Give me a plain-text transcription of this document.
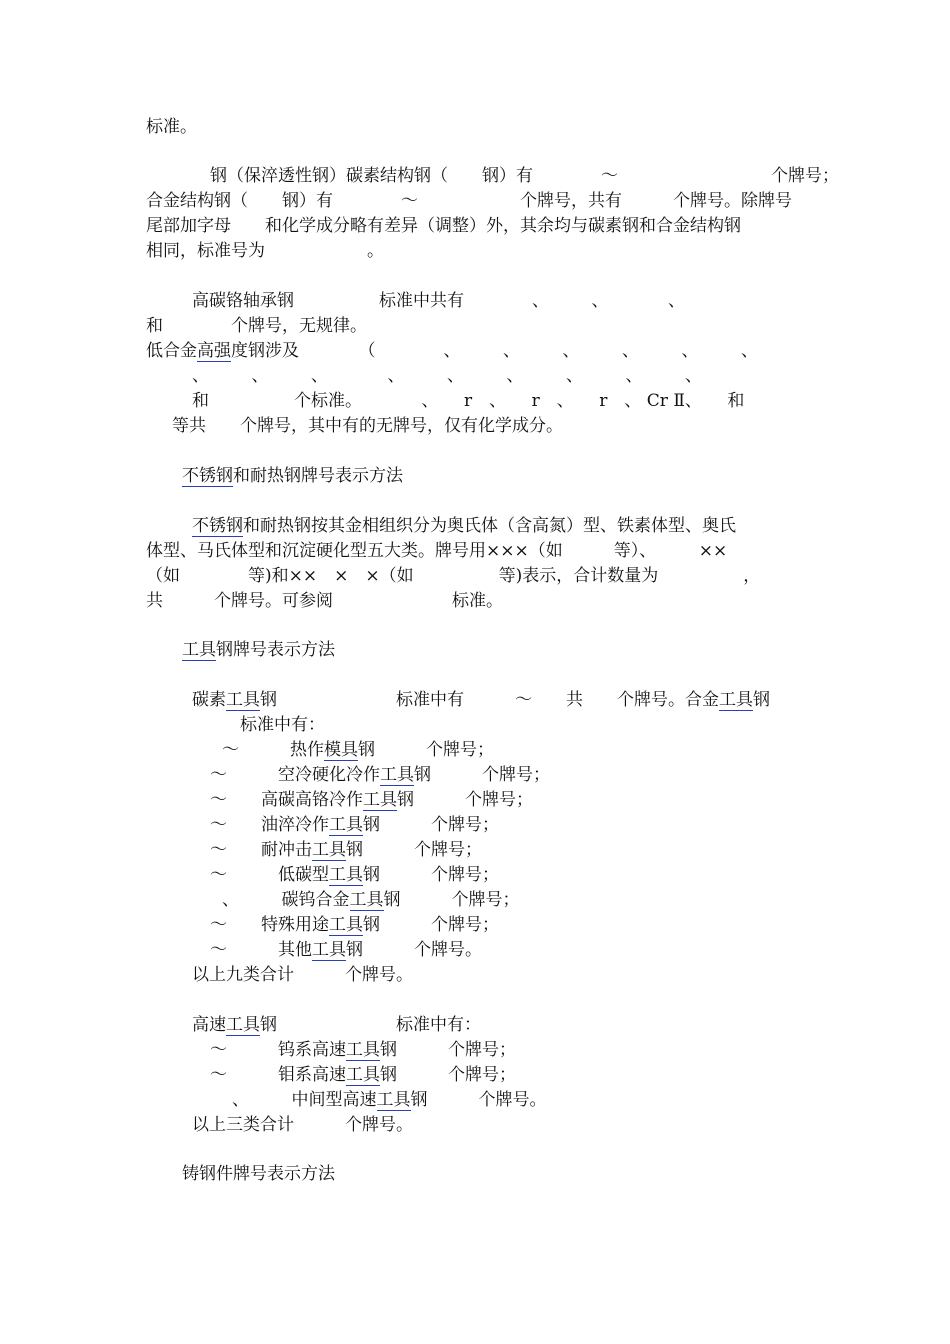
标准。
钢（保淬透性钢）碳素结构钢（　　钢）有　　　　～　　　　　　　　　个牌号；
合金结构钢（　　钢）有　　　　～　　　　　　个牌号，共有　　　个牌号。除牌号
尾部加字母　　和化学成分略有差异（调整）外，其余均与碳素钢和合金结构钢
相同，标准号为　　　　　　。
高碳铬轴承钢　　　　　标准中共有　　　　、　　　、　　　　、
和　　　　个牌号，无规律。
低合金高强度钢涉及　　　　（　　　　、　　　、　　　、　　　、　　　、　　　、
、　　　、　　　、　　　　、　　　、　　　、　　　、　　　、　　　、
和　　　　　个标准。　　　　、　　r　、　　r　、　　r　、 Cr Ⅱ、　　和
等共　　个牌号，其中有的无牌号，仅有化学成分。
不锈钢和耐热钢牌号表示方法
不锈钢和耐热钢按其金相组织分为奥氏体（含高氮）型、铁素体型、奥氏
体型、马氏体型和沉淀硬化型五大类。牌号用×××（如　　　等）、　　　××
（如　　　　等)和××　×　×（如　　　　　等)表示，合计数量为　　　　　，
共　　　个牌号。可参阅　　　　　　　标准。
工具钢牌号表示方法
碳素工具钢　　　　　　　标准中有　　　～　　共　　个牌号。合金工具钢
标准中有：
～　　　热作模具钢　　　个牌号；
～　　　空冷硬化冷作工具钢　　　个牌号；
～　　高碳高铬冷作工具钢　　　个牌号；
～　　油淬冷作工具钢　　　个牌号；
～　　耐冲击工具钢　　　个牌号；
～　　　低碳型工具钢　　　个牌号；
、　　　碳钨合金工具钢　　　个牌号；
～　　特殊用途工具钢　　　个牌号；
～　　　其他工具钢　　　个牌号。
以上九类合计　　　个牌号。
高速工具钢　　　　　　　标准中有：
～　　　钨系高速工具钢　　　个牌号；
～　　　钼系高速工具钢　　　个牌号；
、　　　中间型高速工具钢　　　个牌号。
以上三类合计　　　个牌号。
铸钢件牌号表示方法
